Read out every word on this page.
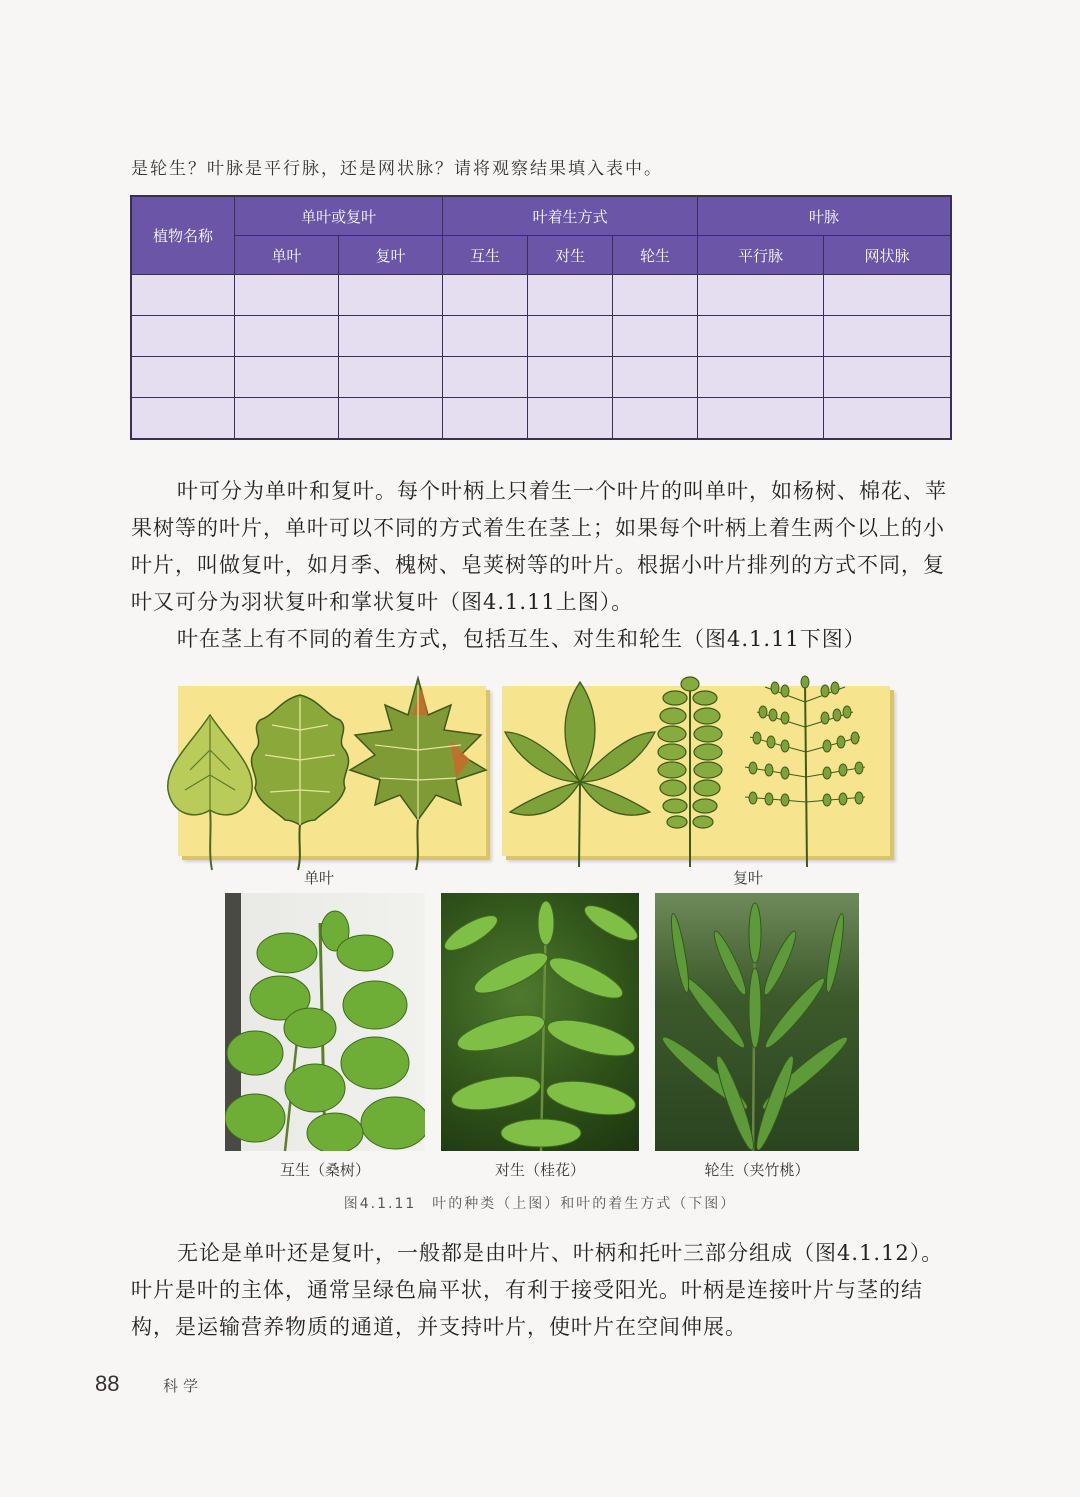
是轮生？叶脉是平行脉，还是网状脉？请将观察结果填入表中。
植物名称	单叶或复叶		叶着生方式			叶脉	
	单叶	复叶	互生	对生	轮生	平行脉	网状脉

叶可分为单叶和复叶。每个叶柄上只着生一个叶片的叫单叶，如杨树、棉花、苹果树等的叶片，单叶可以不同的方式着生在茎上；如果每个叶柄上着生两个以上的小叶片，叫做复叶，如月季、槐树、皂荚树等的叶片。根据小叶片排列的方式不同，复叶又可分为羽状复叶和掌状复叶（图4.1.11上图）。
叶在茎上有不同的着生方式，包括互生、对生和轮生（图4.1.11下图）
单叶	复叶
互生（桑树）	对生（桂花）	轮生（夹竹桃）
图4.1.11　叶的种类（上图）和叶的着生方式（下图）
无论是单叶还是复叶，一般都是由叶片、叶柄和托叶三部分组成（图4.1.12）。叶片是叶的主体，通常呈绿色扁平状，有利于接受阳光。叶柄是连接叶片与茎的结构，是运输营养物质的通道，并支持叶片，使叶片在空间伸展。
88	科学
